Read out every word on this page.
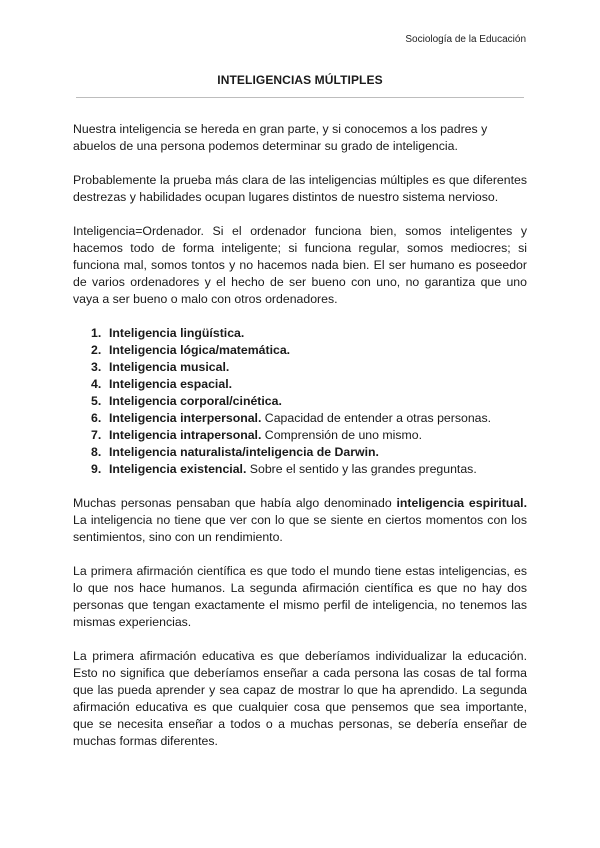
Sociología de la Educación
INTELIGENCIAS MÚLTIPLES

Nuestra inteligencia se hereda en gran parte, y si conocemos a los padres y abuelos de una persona podemos determinar su grado de inteligencia.

Probablemente la prueba más clara de las inteligencias múltiples es que diferentes destrezas y habilidades ocupan lugares distintos de nuestro sistema nervioso.

Inteligencia=Ordenador. Si el ordenador funciona bien, somos inteligentes y hacemos todo de forma inteligente; si funciona regular, somos mediocres; si funciona mal, somos tontos y no hacemos nada bien. El ser humano es poseedor de varios ordenadores y el hecho de ser bueno con uno, no garantiza que uno vaya a ser bueno o malo con otros ordenadores.

1. Inteligencia lingüística.
2. Inteligencia lógica/matemática.
3. Inteligencia musical.
4. Inteligencia espacial.
5. Inteligencia corporal/cinética.
6. Inteligencia interpersonal. Capacidad de entender a otras personas.
7. Inteligencia intrapersonal. Comprensión de uno mismo.
8. Inteligencia naturalista/inteligencia de Darwin.
9. Inteligencia existencial. Sobre el sentido y las grandes preguntas.

Muchas personas pensaban que había algo denominado inteligencia espiritual. La inteligencia no tiene que ver con lo que se siente en ciertos momentos con los sentimientos, sino con un rendimiento.

La primera afirmación científica es que todo el mundo tiene estas inteligencias, es lo que nos hace humanos. La segunda afirmación científica es que no hay dos personas que tengan exactamente el mismo perfil de inteligencia, no tenemos las mismas experiencias.

La primera afirmación educativa es que deberíamos individualizar la educación. Esto no significa que deberíamos enseñar a cada persona las cosas de tal forma que las pueda aprender y sea capaz de mostrar lo que ha aprendido. La segunda afirmación educativa es que cualquier cosa que pensemos que sea importante, que se necesita enseñar a todos o a muchas personas, se debería enseñar de muchas formas diferentes.
